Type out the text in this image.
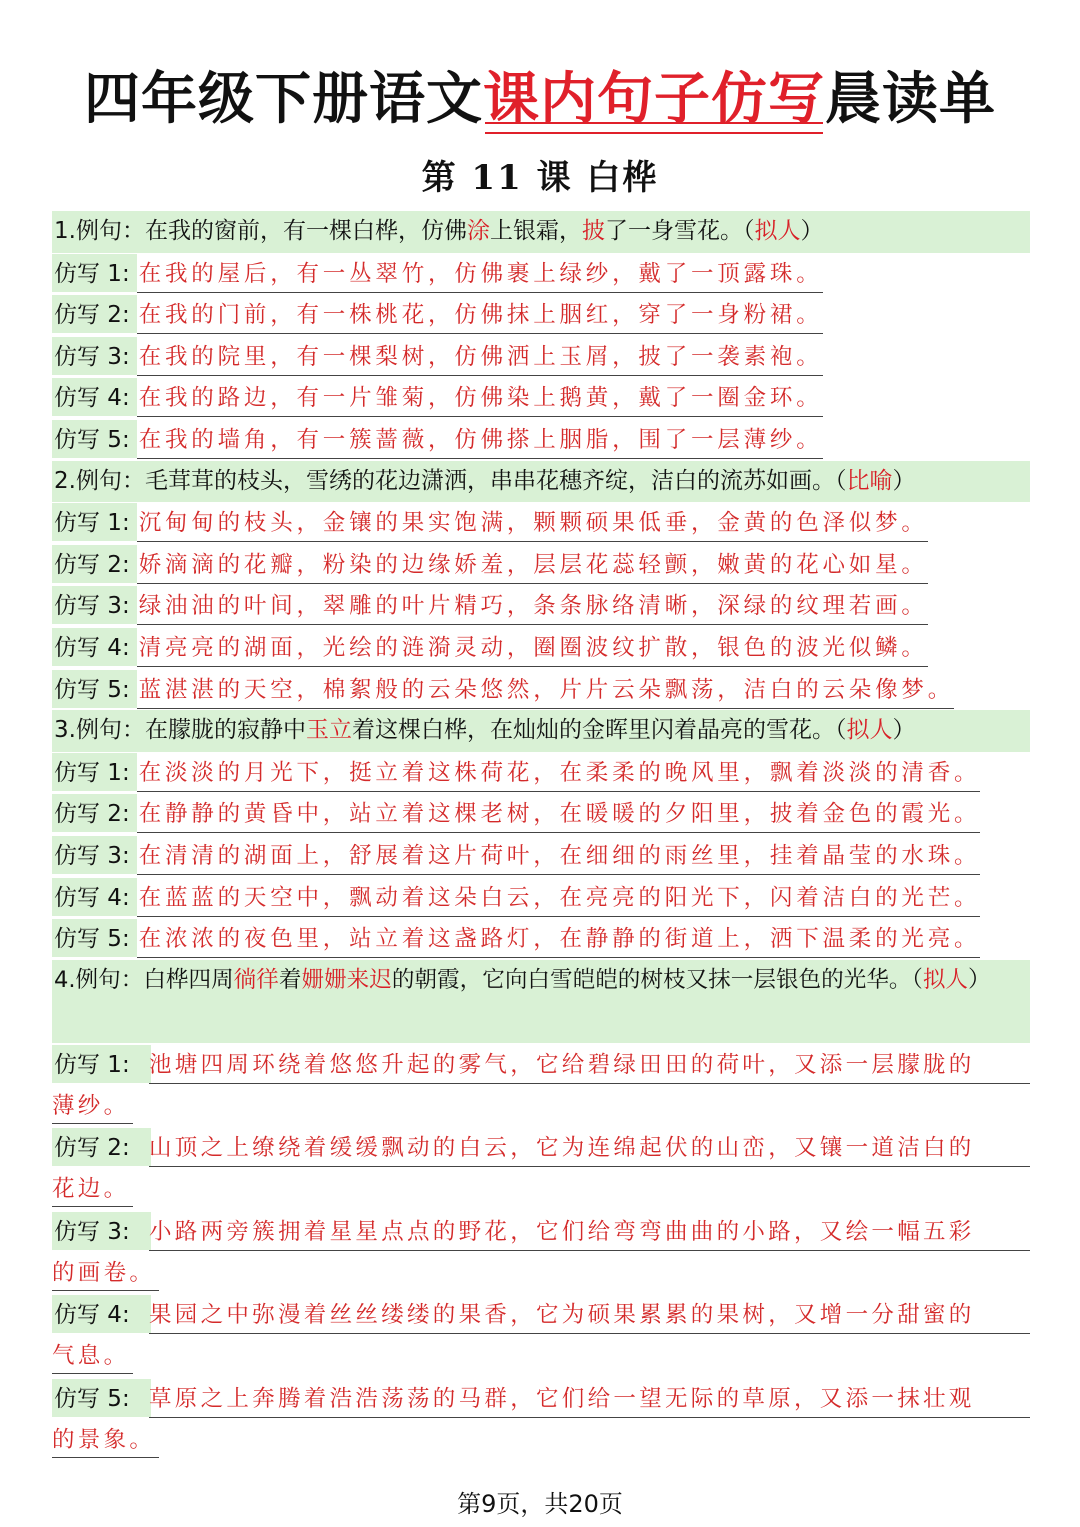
四年级下册语文课内句子仿写晨读单
第 11 课 白桦
1.例句：在我的窗前，有一棵白桦，仿佛涂上银霜，披了一身雪花。（拟人）
仿写 1: 在我的屋后，有一丛翠竹，仿佛裹上绿纱，戴了一顶露珠。
仿写 2: 在我的门前，有一株桃花，仿佛抹上胭红，穿了一身粉裙。
仿写 3: 在我的院里，有一棵梨树，仿佛洒上玉屑，披了一袭素袍。
仿写 4: 在我的路边，有一片雏菊，仿佛染上鹅黄，戴了一圈金环。
仿写 5: 在我的墙角，有一簇蔷薇，仿佛搽上胭脂，围了一层薄纱。
2.例句：毛茸茸的枝头，雪绣的花边潇洒，串串花穗齐绽，洁白的流苏如画。（比喻）
仿写 1: 沉甸甸的枝头，金镶的果实饱满，颗颗硕果低垂，金黄的色泽似梦。
仿写 2: 娇滴滴的花瓣，粉染的边缘娇羞，层层花蕊轻颤，嫩黄的花心如星。
仿写 3: 绿油油的叶间，翠雕的叶片精巧，条条脉络清晰，深绿的纹理若画。
仿写 4: 清亮亮的湖面，光绘的涟漪灵动，圈圈波纹扩散，银色的波光似鳞。
仿写 5: 蓝湛湛的天空，棉絮般的云朵悠然，片片云朵飘荡，洁白的云朵像梦。
3.例句：在朦胧的寂静中玉立着这棵白桦，在灿灿的金晖里闪着晶亮的雪花。（拟人）
仿写 1: 在淡淡的月光下，挺立着这株荷花，在柔柔的晚风里，飘着淡淡的清香。
仿写 2: 在静静的黄昏中，站立着这棵老树，在暖暖的夕阳里，披着金色的霞光。
仿写 3: 在清清的湖面上，舒展着这片荷叶，在细细的雨丝里，挂着晶莹的水珠。
仿写 4: 在蓝蓝的天空中，飘动着这朵白云，在亮亮的阳光下，闪着洁白的光芒。
仿写 5: 在浓浓的夜色里，站立着这盏路灯，在静静的街道上，洒下温柔的光亮。
4.例句：白桦四周徜徉着姗姗来迟的朝霞，它向白雪皑皑的树枝又抹一层银色的光华。（拟人）
仿写 1: 池塘四周环绕着悠悠升起的雾气，它给碧绿田田的荷叶，又添一层朦胧的
薄纱。
仿写 2: 山顶之上缭绕着缓缓飘动的白云，它为连绵起伏的山峦，又镶一道洁白的
花边。
仿写 3: 小路两旁簇拥着星星点点的野花，它们给弯弯曲曲的小路，又绘一幅五彩
的画卷。
仿写 4: 果园之中弥漫着丝丝缕缕的果香，它为硕果累累的果树，又增一分甜蜜的
气息。
仿写 5: 草原之上奔腾着浩浩荡荡的马群，它们给一望无际的草原，又添一抹壮观
的景象。
第9页，共20页
